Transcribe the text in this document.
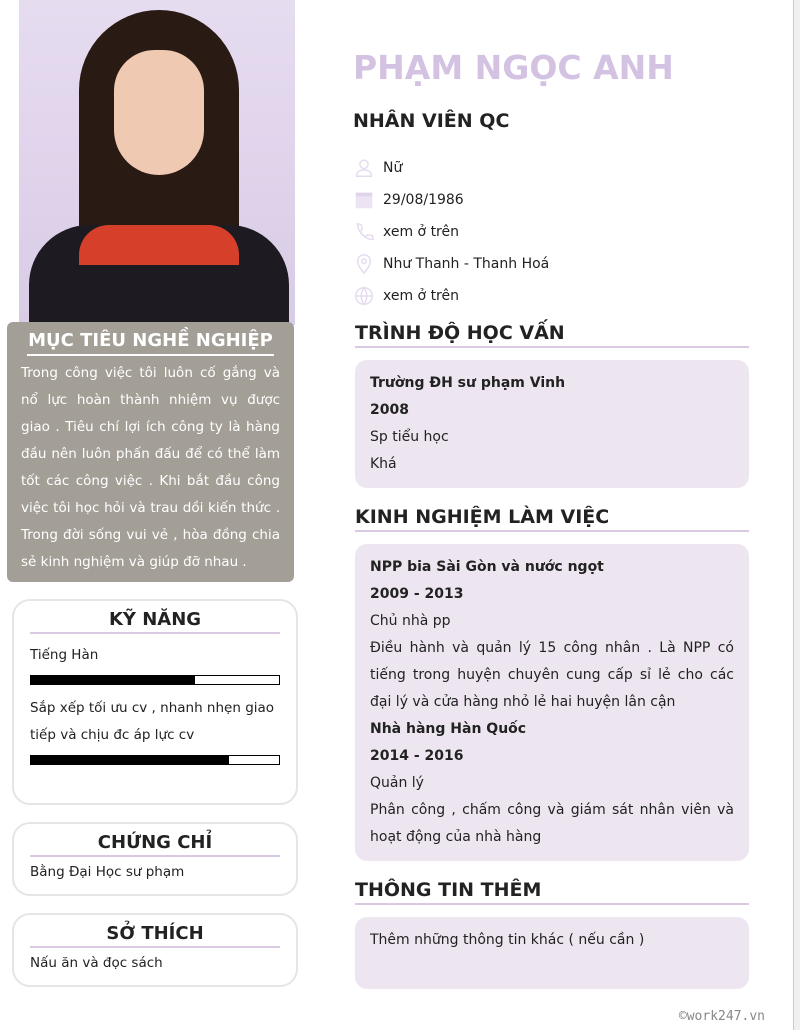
MỤC TIÊU NGHỀ NGHIỆP

Trong công việc tôi luôn cố gắng và nổ lực hoàn thành nhiệm vụ được giao . Tiêu chí lợi ích công ty là hàng đầu nên luôn phấn đấu để có thể làm tốt các công việc . Khi bắt đầu công việc tôi học hỏi và trau dồi kiến thức . Trong đời sống vui vẻ , hòa đồng chia sẻ kinh nghiệm và giúp đỡ nhau .

KỸ NĂNG

Tiếng Hàn

Sắp xếp tối ưu cv , nhanh nhẹn giao tiếp và chịu đc áp lực cv

CHỨNG CHỈ

Bằng Đại Học sư phạm

SỞ THÍCH

Nấu ăn và đọc sách

PHẠM NGỌC ANH
NHÂN VIÊN QC
Nữ
29/08/1986
xem ở trên
Như Thanh - Thanh Hoá
xem ở trên
TRÌNH ĐỘ HỌC VẤN
Trường ĐH sư phạm Vinh
2008
Sp tiểu học
Khá
KINH NGHIỆM LÀM VIỆC
NPP bia Sài Gòn và nước ngọt
2009 - 2013
Chủ nhà pp
Điều hành và quản lý 15 công nhân . Là NPP có tiếng trong huyện chuyên cung cấp sỉ lẻ cho các đại lý và cửa hàng nhỏ lẻ hai huyện lân cận
Nhà hàng Hàn Quốc
2014 - 2016
Quản lý
Phân công , chấm công và giám sát nhân viên và hoạt động của nhà hàng
THÔNG TIN THÊM
Thêm những thông tin khác ( nếu cần )
©work247.vn
